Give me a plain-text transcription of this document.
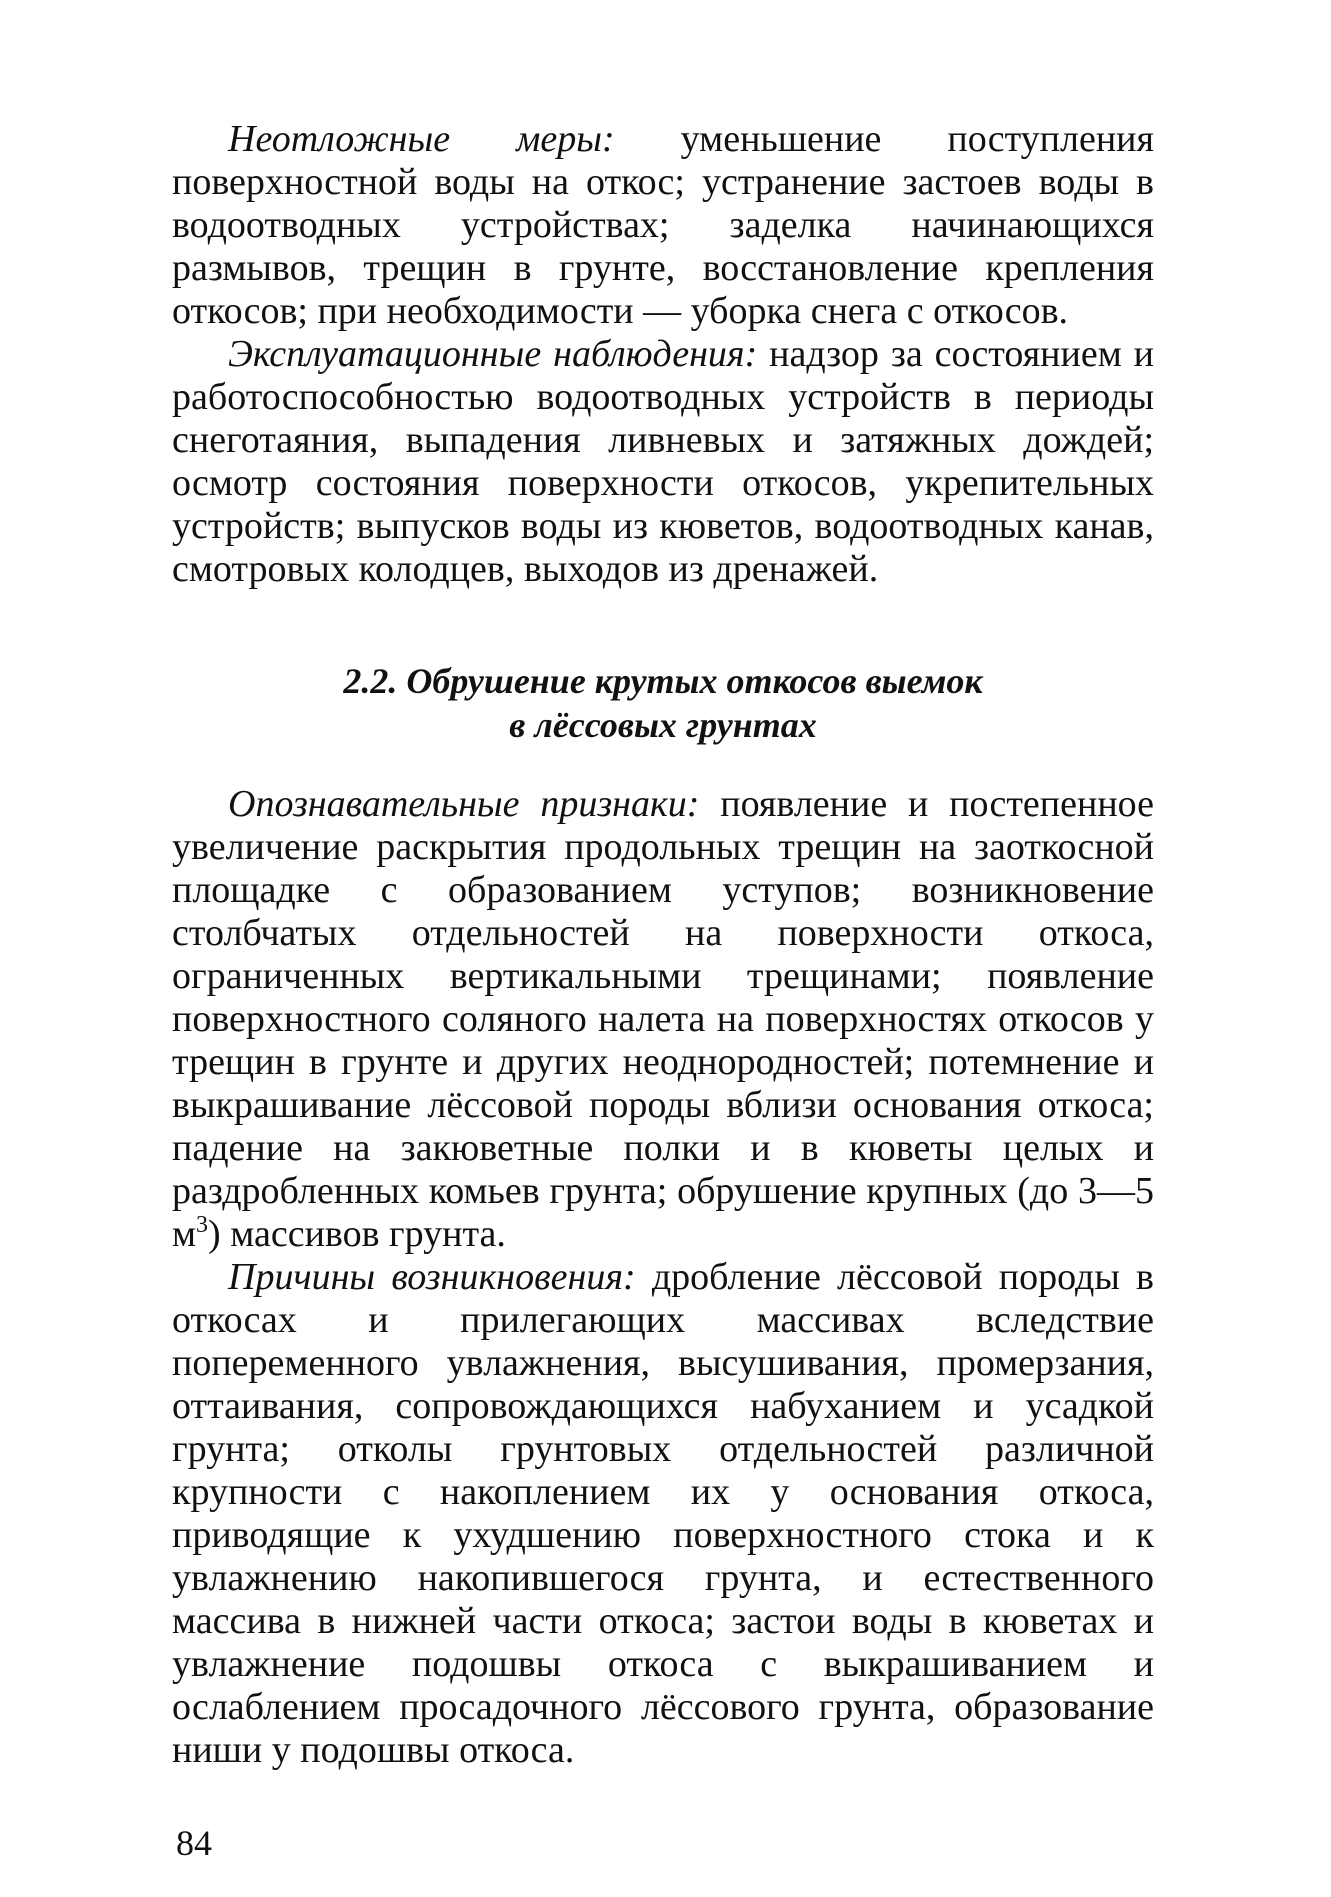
Неотложные меры: уменьшение поступления поверхностной воды на откос; устранение застоев воды в водоотводных устройствах; заделка начинающихся размывов, трещин в грунте, восстановление крепления откосов; при необходимости — уборка снега с откосов.

Эксплуатационные наблюдения: надзор за состоянием и работоспособностью водоотводных устройств в периоды снеготаяния, выпадения ливневых и затяжных дождей; осмотр состояния поверхности откосов, укрепительных устройств; выпусков воды из кюветов, водоотводных канав, смотровых колодцев, выходов из дренажей.

2.2. Обрушение крутых откосов выемок
в лёссовых грунтах

Опознавательные признаки: появление и постепенное увеличение раскрытия продольных трещин на заоткосной площадке с образованием уступов; возникновение столбчатых отдельностей на поверхности откоса, ограниченных вертикальными трещинами; появление поверхностного соляного налета на поверхностях откосов у трещин в грунте и других неоднородностей; потемнение и выкрашивание лёссовой породы вблизи основания откоса; падение на закюветные полки и в кюветы целых и раздробленных комьев грунта; обрушение крупных (до 3—5 $м^3$) массивов грунта.

Причины возникновения: дробление лёссовой породы в откосах и прилегающих массивах вследствие попеременного увлажнения, высушивания, промерзания, оттаивания, сопровождающихся набуханием и усадкой грунта; отколы грунтовых отдельностей различной крупности с накоплением их у основания откоса, приводящие к ухудшению поверхностного стока и к увлажнению накопившегося грунта, и естественного массива в нижней части откоса; застои воды в кюветах и увлажнение подошвы откоса с выкрашиванием и ослаблением просадочного лёссового грунта, образование ниши у подошвы откоса.

84
